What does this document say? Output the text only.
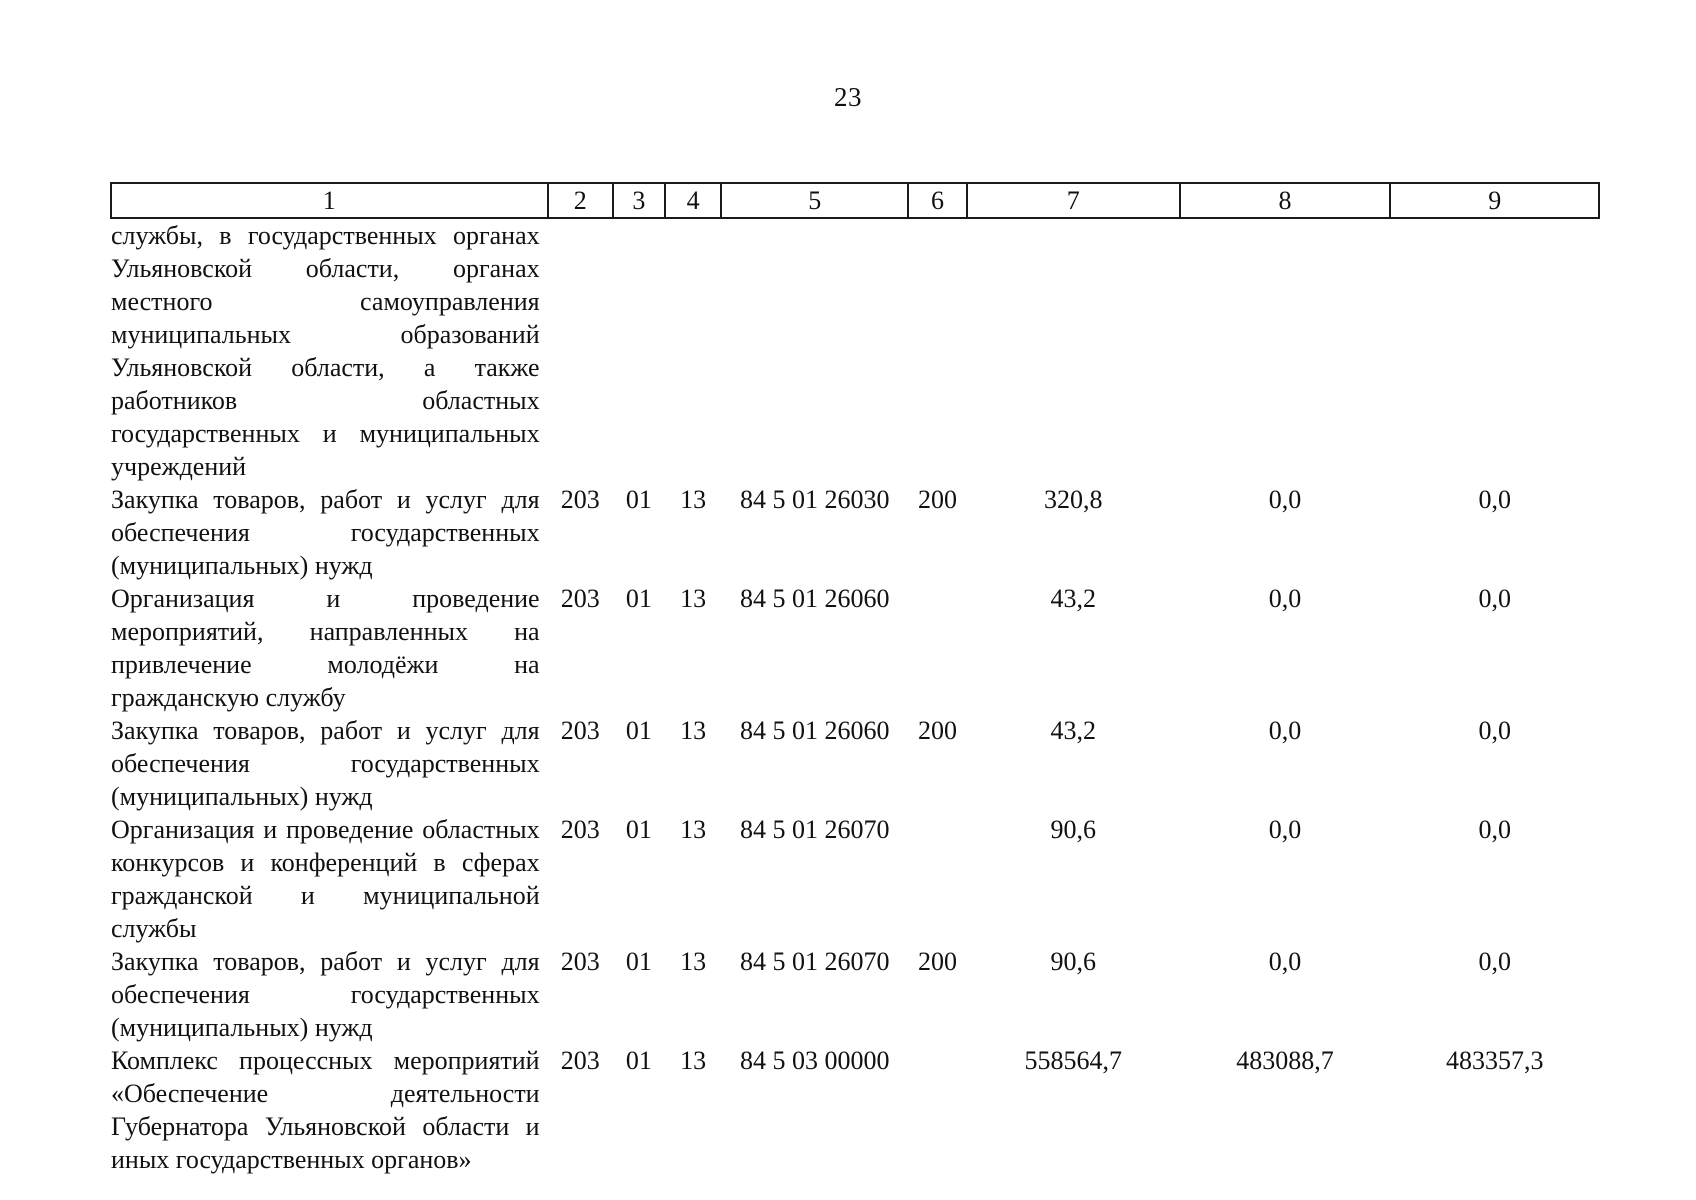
23
1	2	3	4	5	6	7	8	9
службы, в государственных органах Ульяновской области, органах местного самоуправления муниципальных образований Ульяновской области, а также работников областных государственных и муниципальных учреждений								
Закупка товаров, работ и услуг для обеспечения государственных (муниципальных) нужд	203	01	13	84 5 01 26030	200	320,8	0,0	0,0
Организация и проведение мероприятий, направленных на привлечение молодёжи на гражданскую службу	203	01	13	84 5 01 26060		43,2	0,0	0,0
Закупка товаров, работ и услуг для обеспечения государственных (муниципальных) нужд	203	01	13	84 5 01 26060	200	43,2	0,0	0,0
Организация и проведение областных конкурсов и конференций в сферах гражданской и муниципальной службы	203	01	13	84 5 01 26070		90,6	0,0	0,0
Закупка товаров, работ и услуг для обеспечения государственных (муниципальных) нужд	203	01	13	84 5 01 26070	200	90,6	0,0	0,0
Комплекс процессных мероприятий «Обеспечение деятельности Губернатора Ульяновской области и иных государственных органов»	203	01	13	84 5 03 00000		558564,7	483088,7	483357,3
